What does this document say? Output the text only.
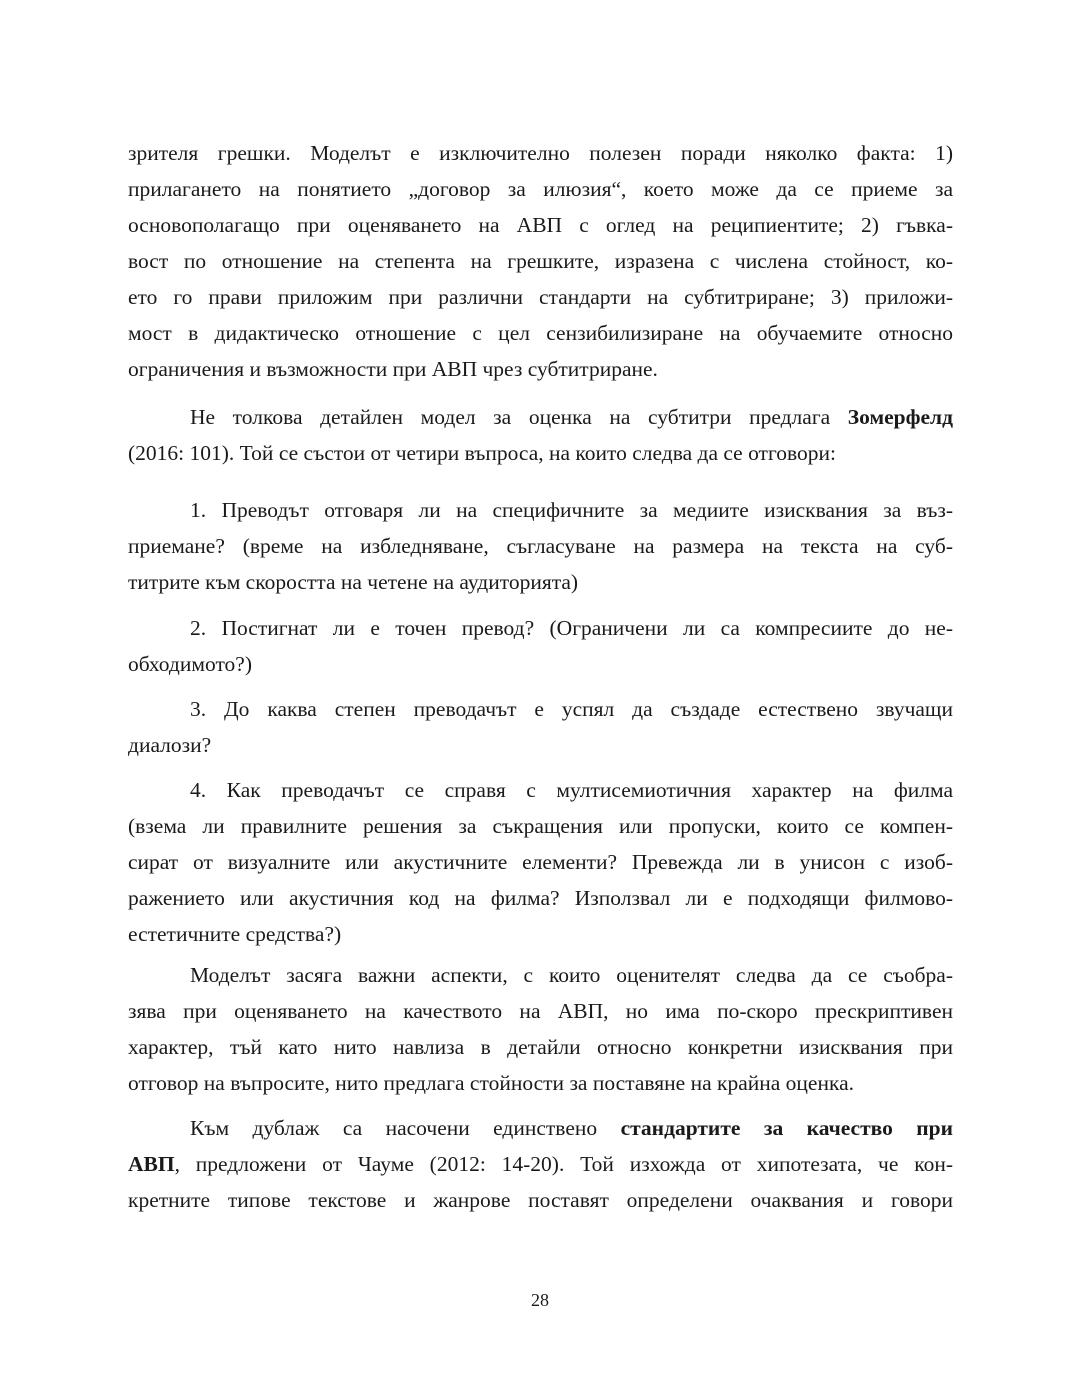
зрителя грешки. Моделът е изключително полезен поради няколко факта: 1)
прилагането на понятието „договор за илюзия“, което може да се приеме за
основополагащо при оценяването на АВП с оглед на реципиентите; 2) гъвка-
вост по отношение на степента на грешките, изразена с числена стойност, ко-
ето го прави приложим при различни стандарти на субтитриране; 3) приложи-
мост в дидактическо отношение с цел сензибилизиране на обучаемите относно
ограничения и възможности при АВП чрез субтитриране.
Не толкова детайлен модел за оценка на субтитри предлага Зомерфелд
(2016: 101). Той се състои от четири въпроса, на които следва да се отговори:
1. Преводът отговаря ли на специфичните за медиите изисквания за въз-
приемане? (време на избледняване, съгласуване на размера на текста на суб-
титрите към скоростта на четене на аудиторията)
2. Постигнат ли е точен превод? (Ограничени ли са компресиите до не-
обходимото?)
3. До каква степен преводачът е успял да създаде естествено звучащи
диалози?
4. Как преводачът се справя с мултисемиотичния характер на филма
(взема ли правилните решения за съкращения или пропуски, които се компен-
сират от визуалните или акустичните елементи? Превежда ли в унисон с изоб-
ражението или акустичния код на филма? Използвал ли е подходящи филмово-
естетичните средства?)
Моделът засяга важни аспекти, с които оценителят следва да се съобра-
зява при оценяването на качеството на АВП, но има по-скоро прескриптивен
характер, тъй като нито навлиза в детайли относно конкретни изисквания при
отговор на въпросите, нито предлага стойности за поставяне на крайна оценка.
Към дублаж са насочени единствено стандартите за качество при
АВП, предложени от Чауме (2012: 14-20). Той изхожда от хипотезата, че кон-
кретните типове текстове и жанрове поставят определени очаквания и говори
28
